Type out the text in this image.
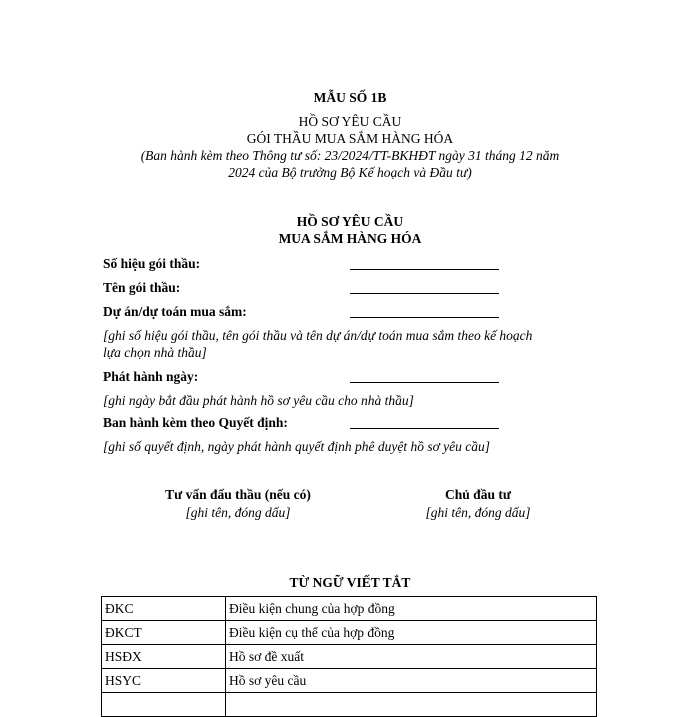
MẪU SỐ 1B
HỒ SƠ YÊU CẦU
GÓI THẦU MUA SẮM HÀNG HÓA
(Ban hành kèm theo Thông tư số: 23/2024/TT-BKHĐT ngày 31 tháng 12 năm
2024 của Bộ trưởng Bộ Kế hoạch và Đầu tư)
HỒ SƠ YÊU CẦU
MUA SẮM HÀNG HÓA
Số hiệu gói thầu:
Tên gói thầu:
Dự án/dự toán mua sắm:
[ghi số hiệu gói thầu, tên gói thầu và tên dự án/dự toán mua sắm theo kế hoạch
lựa chọn nhà thầu]
Phát hành ngày:
[ghi ngày bắt đầu phát hành hồ sơ yêu cầu cho nhà thầu]
Ban hành kèm theo Quyết định:
[ghi số quyết định, ngày phát hành quyết định phê duyệt hồ sơ yêu cầu]
Tư vấn đấu thầu (nếu có)
[ghi tên, đóng dấu]
Chủ đầu tư
[ghi tên, đóng dấu]
TỪ NGỮ VIẾT TẮT
ĐKC	Điều kiện chung của hợp đồng
ĐKCT	Điều kiện cụ thể của hợp đồng
HSĐX	Hồ sơ đề xuất
HSYC	Hồ sơ yêu cầu
